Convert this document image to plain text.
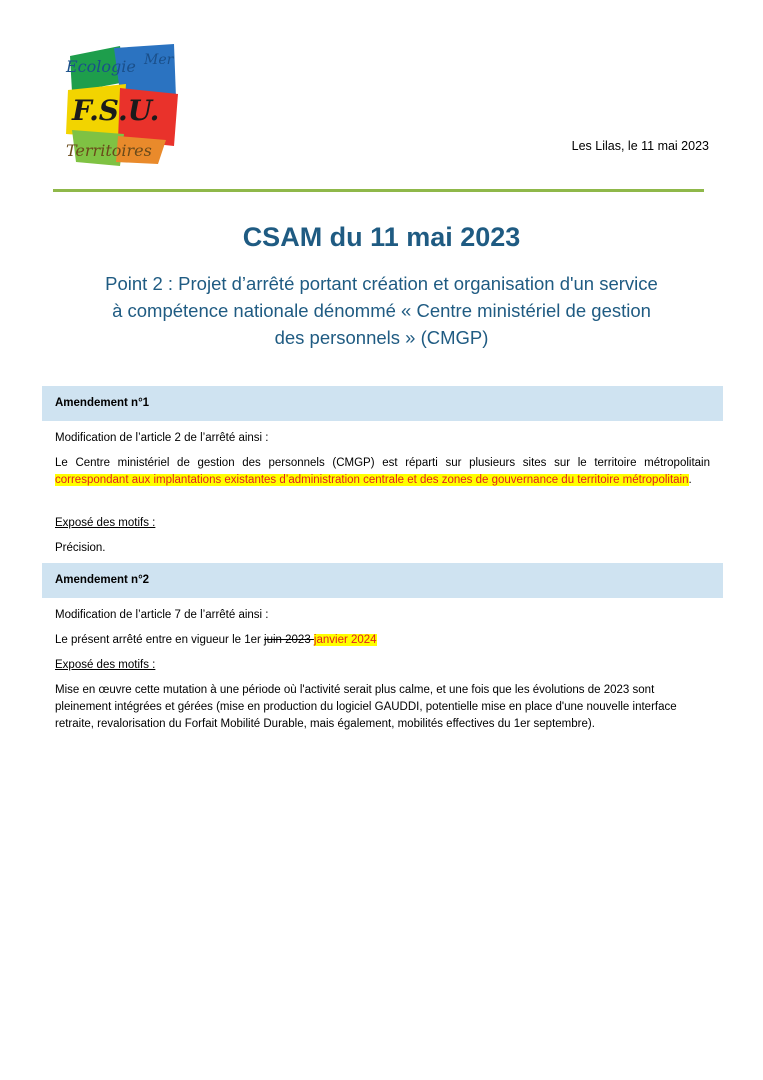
Ecologie Mer
F.S.U.
Territoires	Les Lilas, le 11 mai 2023
CSAM du 11 mai 2023
Point 2 : Projet d’arrêté portant création et organisation d'un service
à compétence nationale dénommé « Centre ministériel de gestion
des personnels » (CMGP)
Amendement n°1
Modification de l’article 2 de l’arrêté ainsi :
Le Centre ministériel de gestion des personnels (CMGP) est réparti sur plusieurs sites sur le territoire métropolitain correspondant aux implantations existantes d’administration centrale et des zones de gouvernance du territoire métropolitain.
Exposé des motifs :
Précision.
Amendement n°2
Modification de l’article 7 de l’arrêté ainsi :
Le présent arrêté entre en vigueur le 1er juin 2023 janvier 2024
Exposé des motifs :
Mise en œuvre cette mutation à une période où l'activité serait plus calme, et une fois que les évolutions de 2023 sont pleinement intégrées et gérées (mise en production du logiciel GAUDDI, potentielle mise en place d'une nouvelle interface retraite, revalorisation du Forfait Mobilité Durable, mais également, mobilités effectives du 1er septembre).
